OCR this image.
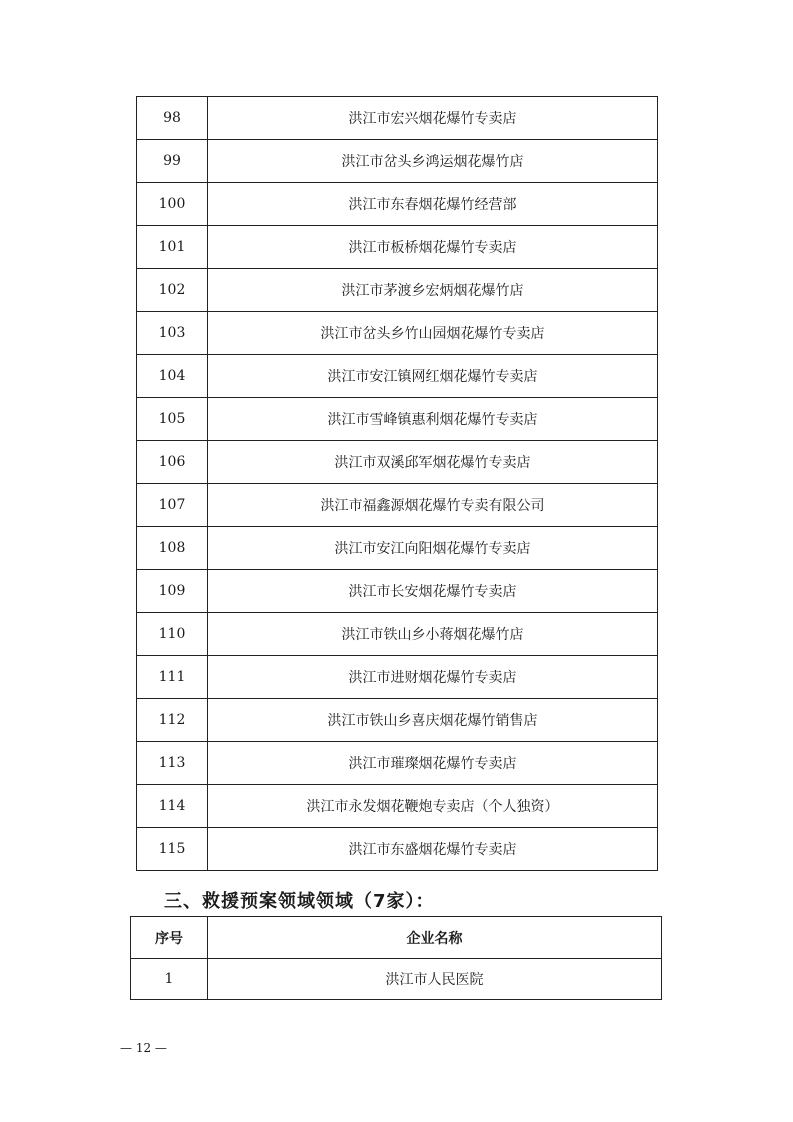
98	洪江市宏兴烟花爆竹专卖店
99	洪江市岔头乡鸿运烟花爆竹店
100	洪江市东春烟花爆竹经营部
101	洪江市板桥烟花爆竹专卖店
102	洪江市茅渡乡宏炳烟花爆竹店
103	洪江市岔头乡竹山园烟花爆竹专卖店
104	洪江市安江镇网红烟花爆竹专卖店
105	洪江市雪峰镇惠利烟花爆竹专卖店
106	洪江市双溪邱军烟花爆竹专卖店
107	洪江市福鑫源烟花爆竹专卖有限公司
108	洪江市安江向阳烟花爆竹专卖店
109	洪江市长安烟花爆竹专卖店
110	洪江市铁山乡小蒋烟花爆竹店
111	洪江市进财烟花爆竹专卖店
112	洪江市铁山乡喜庆烟花爆竹销售店
113	洪江市璀璨烟花爆竹专卖店
114	洪江市永发烟花鞭炮专卖店（个人独资）
115	洪江市东盛烟花爆竹专卖店
三、救援预案领域领域（7家）：
序号	企业名称
1	洪江市人民医院
— 12 —
